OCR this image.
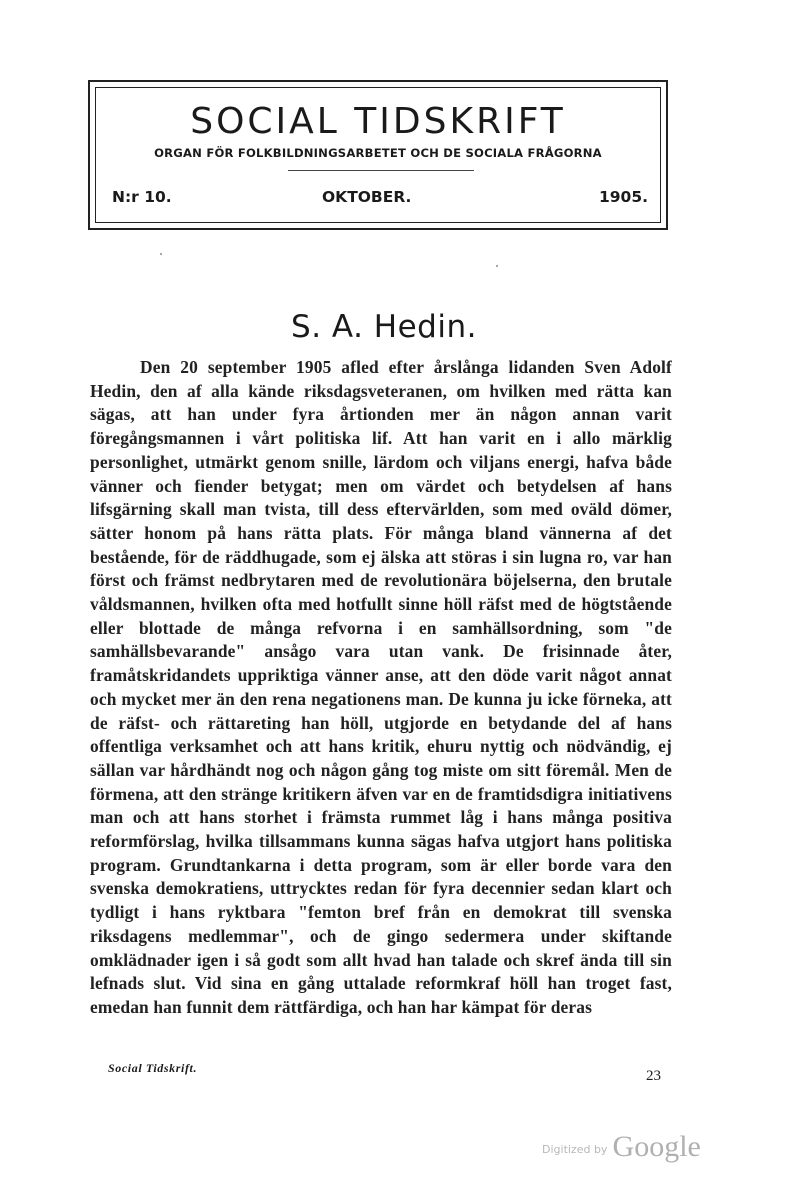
SOCIAL TIDSKRIFT
ORGAN FÖR FOLKBILDNINGSARBETET OCH DE SOCIALA FRÅGORNA
N:r 10.	OKTOBER.	1905.
S. A. Hedin.

Den 20 september 1905 afled efter årslånga lidanden Sven Adolf Hedin, den af alla kände riksdagsveteranen, om hvilken med rätta kan sägas, att han under fyra årtionden mer än någon annan varit föregångsmannen i vårt politiska lif. Att han varit en i allo märklig personlighet, utmärkt genom snille, lärdom och viljans energi, hafva både vänner och fiender betygat; men om värdet och betydelsen af hans lifsgärning skall man tvista, till dess eftervärlden, som med oväld dömer, sätter honom på hans rätta plats. För många bland vännerna af det bestående, för de räddhugade, som ej älska att störas i sin lugna ro, var han först och främst nedbrytaren med de revolutionära böjelserna, den brutale våldsmannen, hvilken ofta med hotfullt sinne höll räfst med de högtstående eller blottade de många refvorna i en samhällsordning, som "de samhällsbevarande" ansågo vara utan vank. De frisinnade åter, framåtskridandets uppriktiga vänner anse, att den döde varit något annat och mycket mer än den rena negationens man. De kunna ju icke förneka, att de räfst- och rättareting han höll, utgjorde en betydande del af hans offentliga verksamhet och att hans kritik, ehuru nyttig och nödvändig, ej sällan var hårdhändt nog och någon gång tog miste om sitt föremål. Men de förmena, att den stränge kritikern äfven var en de framtidsdigra initiativens man och att hans storhet i främsta rummet låg i hans många positiva reformförslag, hvilka tillsammans kunna sägas hafva utgjort hans politiska program. Grundtankarna i detta program, som är eller borde vara den svenska demokratiens, uttrycktes redan för fyra decennier sedan klart och tydligt i hans ryktbara "femton bref från en demokrat till svenska riksdagens medlemmar", och de gingo sedermera under skiftande omklädnader igen i så godt som allt hvad han talade och skref ända till sin lefnads slut. Vid sina en gång uttalade reformkraf höll han troget fast, emedan han funnit dem rättfärdiga, och han har kämpat för deras

Social Tidskrift.	23
Digitized by Google
